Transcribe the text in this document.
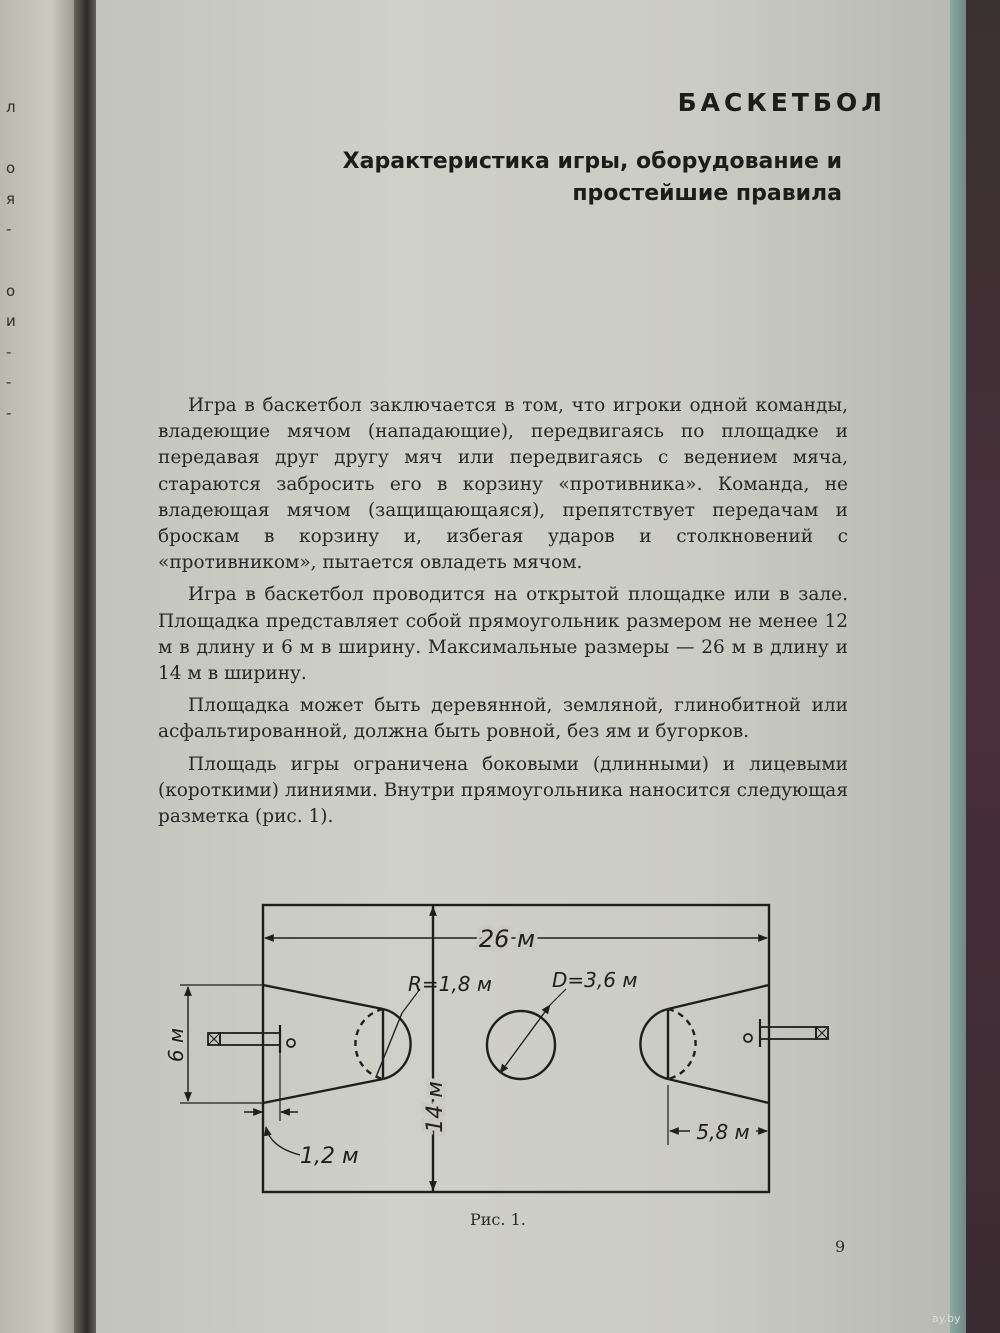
л

о
я
-

о
и
-
-
-
БАСКЕТБОЛ
Характеристика игры, оборудование и простейшие правила

Игра в баскетбол заключается в том, что игроки одной команды, владеющие мячом (нападающие), передвигаясь по площадке и передавая друг другу мяч или передвигаясь с ведением мяча, стараются забросить его в корзину «противника». Команда, не владеющая мячом (защищающаяся), препятствует передачам и броскам в корзину и, избегая ударов и столкновений с «противником», пытается овладеть мячом.

Игра в баскетбол проводится на открытой площадке или в зале. Площадка представляет собой прямоугольник размером не менее 12 м в длину и 6 м в ширину. Максимальные размеры — 26 м в длину и 14 м в ширину.

Площадка может быть деревянной, земляной, глинобитной или асфальтированной, должна быть ровной, без ям и бугорков.

Площадь игры ограничена боковыми (длинными) и лицевыми (короткими) линиями. Внутри прямоугольника наносится следующая разметка (рис. 1).

26 м
14 м
6 м
R=1,8 м	D=3,6 м
1,2 м
5,8 м
Рис. 1.
9
ay.by
